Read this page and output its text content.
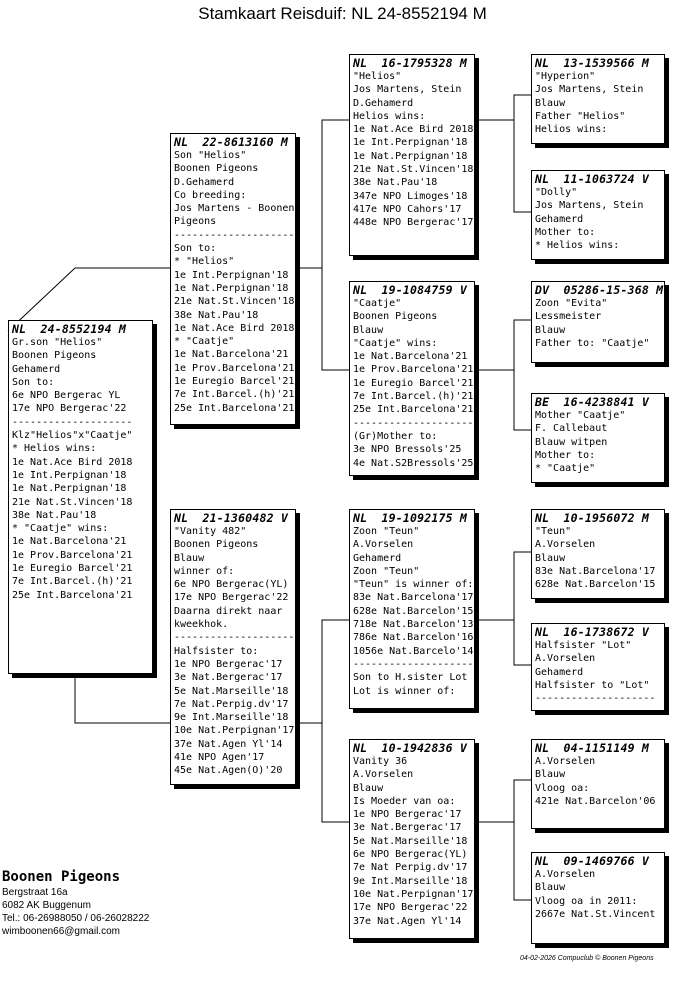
Stamkaart Reisduif: NL 24-8552194 M
NL  24-8552194 M
Gr.son "Helios"
Boonen Pigeons
Gehamerd
Son to:
6e NPO Bergerac YL
17e NPO Bergerac'22
--------------------
Klz"Helios"x"Caatje"
* Helios wins:
1e Nat.Ace Bird 2018
1e Int.Perpignan'18
1e Nat.Perpignan'18
21e Nat.St.Vincen'18
38e Nat.Pau'18
* "Caatje" wins:
1e Nat.Barcelona'21
1e Prov.Barcelona'21
1e Euregio Barcel'21
7e Int.Barcel.(h)'21
25e Int.Barcelona'21
NL  22-8613160 M
Son "Helios"
Boonen Pigeons
D.Gehamerd
Co breeding:
Jos Martens - Boonen
Pigeons
--------------------
Son to:
* "Helios"
1e Int.Perpignan'18
1e Nat.Perpignan'18
21e Nat.St.Vincen'18
38e Nat.Pau'18
1e Nat.Ace Bird 2018
* "Caatje"
1e Nat.Barcelona'21
1e Prov.Barcelona'21
1e Euregio Barcel'21
7e Int.Barcel.(h)'21
25e Int.Barcelona'21
NL  21-1360482 V
"Vanity 482"
Boonen Pigeons
Blauw
winner of:
6e NPO Bergerac(YL)
17e NPO Bergerac'22
Daarna direkt naar
kweekhok.
--------------------
Halfsister to:
1e NPO Bergerac'17
3e Nat.Bergerac'17
5e Nat.Marseille'18
7e Nat.Perpig.dv'17
9e Int.Marseille'18
10e Nat.Perpignan'17
37e Nat.Agen Yl'14
41e NPO Agen'17
45e Nat.Agen(O)'20
NL  16-1795328 M
"Helios"
Jos Martens, Stein
D.Gehamerd
Helios wins:
1e Nat.Ace Bird 2018
1e Int.Perpignan'18
1e Nat.Perpignan'18
21e Nat.St.Vincen'18
38e Nat.Pau'18
347e NPO Limoges'18
417e NPO Cahors'17
448e NPO Bergerac'17
NL  19-1084759 V
"Caatje"
Boonen Pigeons
Blauw
"Caatje" wins:
1e Nat.Barcelona'21
1e Prov.Barcelona'21
1e Euregio Barcel'21
7e Int.Barcel.(h)'21
25e Int.Barcelona'21
--------------------
(Gr)Mother to:
3e NPO Bressols'25
4e Nat.S2Bressols'25
NL  19-1092175 M
Zoon "Teun"
A.Vorselen
Gehamerd
Zoon "Teun"
"Teun" is winner of:
83e Nat.Barcelona'17
628e Nat.Barcelon'15
718e Nat.Barcelon'13
786e Nat.Barcelon'16
1056e Nat.Barcelo'14
--------------------
Son to H.sister Lot
Lot is winner of:
NL  10-1942836 V
Vanity 36
A.Vorselen
Blauw
Is Moeder van oa:
1e NPO Bergerac'17
3e Nat.Bergerac'17
5e Nat.Marseille'18
6e NPO Bergerac(YL)
7e Nat Perpig.dv'17
9e Int.Marseille'18
10e Nat.Perpignan'17
17e NPO Bergerac'22
37e Nat.Agen Yl'14
NL  13-1539566 M
"Hyperion"
Jos Martens, Stein
Blauw
Father "Helios"
Helios wins:
NL  11-1063724 V
"Dolly"
Jos Martens, Stein
Gehamerd
Mother to:
* Helios wins:
DV  05286-15-368 M
Zoon "Evita"
Lessmeister
Blauw
Father to: "Caatje"
BE  16-4238841 V
Mother "Caatje"
F. Callebaut
Blauw witpen
Mother to:
* "Caatje"
NL  10-1956072 M
"Teun"
A.Vorselen
Blauw
83e Nat.Barcelona'17
628e Nat.Barcelon'15
NL  16-1738672 V
Halfsister "Lot"
A.Vorselen
Gehamerd
Halfsister to "Lot"
--------------------
NL  04-1151149 M
A.Vorselen
Blauw
Vloog oa:
421e Nat.Barcelon'06
NL  09-1469766 V
A.Vorselen
Blauw
Vloog oa in 2011:
2667e Nat.St.Vincent
Boonen Pigeons
Bergstraat 16a
6082 AK Buggenum
Tel.: 06-26988050 / 06-26028222
wimboonen66@gmail.com
04-02-2026 Compuclub © Boonen Pigeons
